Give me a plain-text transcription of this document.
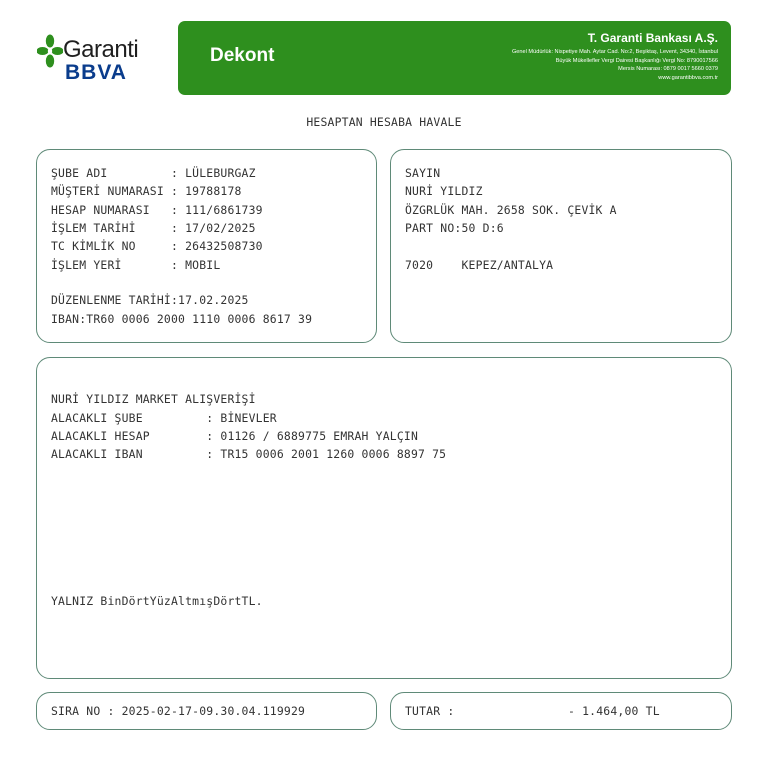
Garanti
BBVA
Dekont
T. Garanti Bankası A.Ş.
Genel Müdürlük: Nispetiye Mah. Aytar Cad. No:2, Beşiktaş, Levent, 34340, İstanbul
Büyük Mükellefler Vergi Dairesi Başkanlığı Vergi No: 8790017566
Mersis Numarası: 0879 0017 5660 0379
www.garantibbva.com.tr
HESAPTAN HESABA HAVALE
ŞUBE ADI         : LÜLEBURGAZ
MÜŞTERİ NUMARASI : 19788178
HESAP NUMARASI   : 111/6861739
İŞLEM TARİHİ     : 17/02/2025
TC KİMLİK NO     : 26432508730
İŞLEM YERİ       : MOBIL
DÜZENLENME TARİHİ:17.02.2025
IBAN:TR60 0006 2000 1110 0006 8617 39
SAYIN
NURİ YILDIZ
ÖZGRLÜK MAH. 2658 SOK. ÇEVİK A
PART NO:50 D:6
7020    KEPEZ/ANTALYA
NURİ YILDIZ MARKET ALIŞVERİŞİ
ALACAKLI ŞUBE         : BİNEVLER
ALACAKLI HESAP        : 01126 / 6889775 EMRAH YALÇIN
ALACAKLI IBAN         : TR15 0006 2001 1260 0006 8897 75
YALNIZ BinDörtYüzAltmışDörtTL.
SIRA NO : 2025-02-17-09.30.04.119929	TUTAR :	- 1.464,00 TL
